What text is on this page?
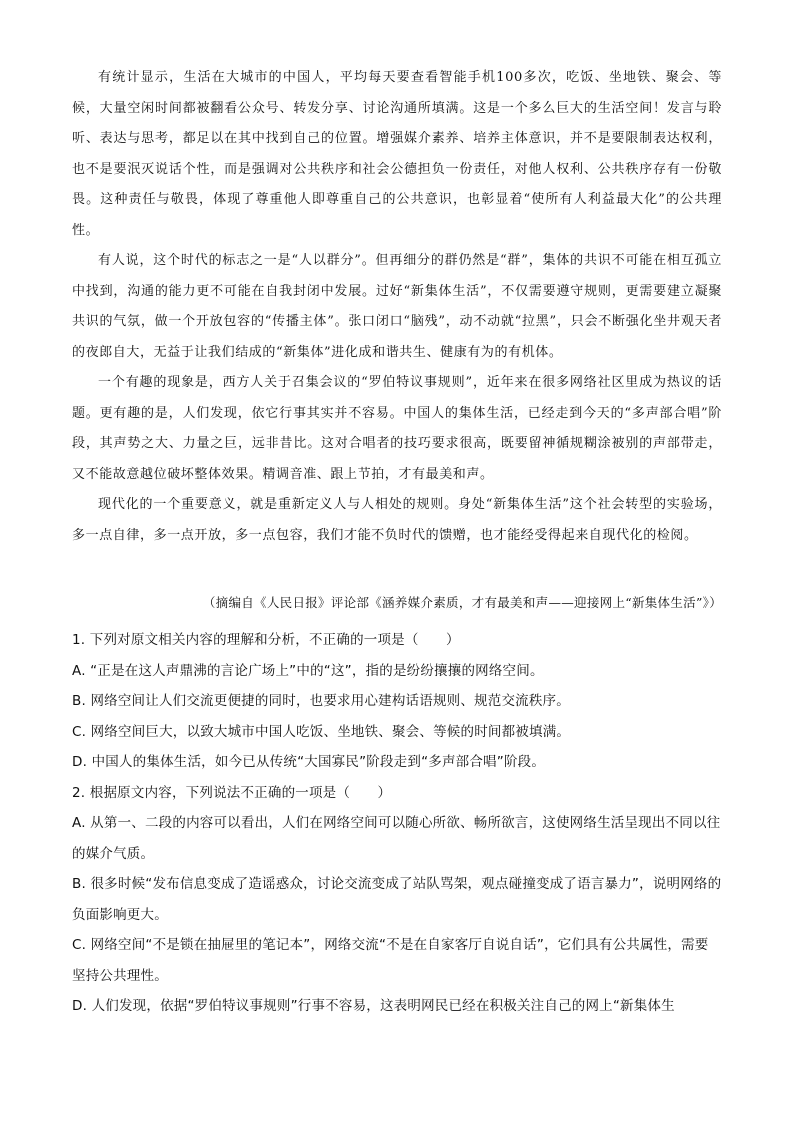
有统计显示，生活在大城市的中国人，平均每天要查看智能手机100多次，吃饭、坐地铁、聚会、等候，大量空闲时间都被翻看公众号、转发分享、讨论沟通所填满。这是一个多么巨大的生活空间！发言与聆听、表达与思考，都足以在其中找到自己的位置。增强媒介素养、培养主体意识，并不是要限制表达权利，也不是要泯灭说话个性，而是强调对公共秩序和社会公德担负一份责任，对他人权利、公共秩序存有一份敬畏。这种责任与敬畏，体现了尊重他人即尊重自己的公共意识，也彰显着“使所有人利益最大化”的公共理性。

有人说，这个时代的标志之一是“人以群分”。但再细分的群仍然是“群”，集体的共识不可能在相互孤立中找到，沟通的能力更不可能在自我封闭中发展。过好“新集体生活”，不仅需要遵守规则，更需要建立凝聚共识的气氛，做一个开放包容的“传播主体”。张口闭口“脑残”，动不动就“拉黑”，只会不断强化坐井观天者的夜郎自大，无益于让我们结成的“新集体”进化成和谐共生、健康有为的有机体。

一个有趣的现象是，西方人关于召集会议的“罗伯特议事规则”，近年来在很多网络社区里成为热议的话题。更有趣的是，人们发现，依它行事其实并不容易。中国人的集体生活，已经走到今天的“多声部合唱”阶段，其声势之大、力量之巨，远非昔比。这对合唱者的技巧要求很高，既要留神循规糊涂被别的声部带走，又不能故意越位破坏整体效果。精调音准、跟上节拍，才有最美和声。

现代化的一个重要意义，就是重新定义人与人相处的规则。身处“新集体生活”这个社会转型的实验场，多一点自律，多一点开放，多一点包容，我们才能不负时代的馈赠，也才能经受得起来自现代化的检阅。

（摘编自《人民日报》评论部《涵养媒介素质，才有最美和声——迎接网上“新集体生活”》）

1. 下列对原文相关内容的理解和分析，不正确的一项是（　　）

A. “正是在这人声鼎沸的言论广场上”中的“这”，指的是纷纷攘攘的网络空间。

B. 网络空间让人们交流更便捷的同时，也要求用心建构话语规则、规范交流秩序。

C. 网络空间巨大，以致大城市中国人吃饭、坐地铁、聚会、等候的时间都被填满。

D. 中国人的集体生活，如今已从传统“大国寡民”阶段走到“多声部合唱”阶段。

2. 根据原文内容，下列说法不正确的一项是（　　）

A. 从第一、二段的内容可以看出，人们在网络空间可以随心所欲、畅所欲言，这使网络生活呈现出不同以往的媒介气质。

B. 很多时候“发布信息变成了造谣惑众，讨论交流变成了站队骂架，观点碰撞变成了语言暴力”，说明网络的负面影响更大。

C. 网络空间“不是锁在抽屉里的笔记本”，网络交流“不是在自家客厅自说自话”，它们具有公共属性，需要坚持公共理性。

D. 人们发现，依据“罗伯特议事规则”行事不容易，这表明网民已经在积极关注自己的网上“新集体生
